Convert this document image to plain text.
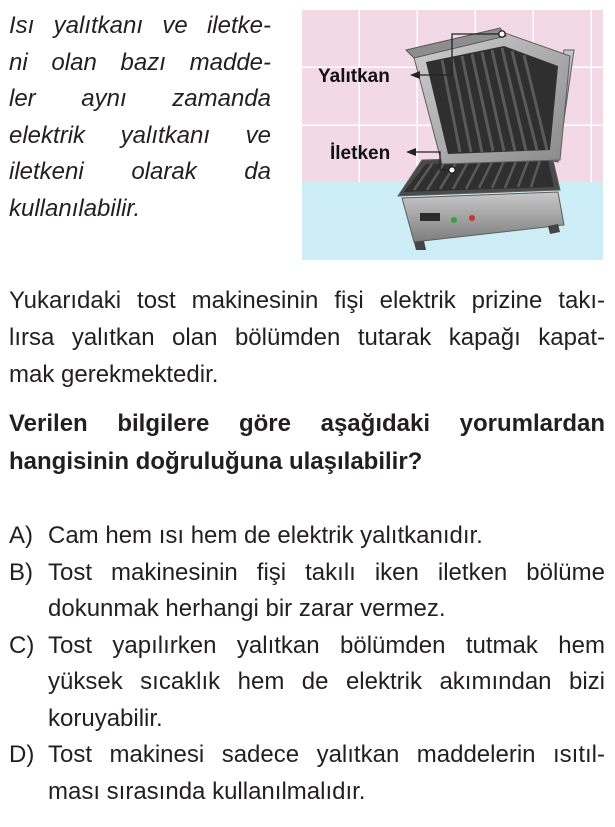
Isı yalıtkanı ve iletke-
ni olan bazı madde-
ler aynı zamanda
elektrik yalıtkanı ve
iletkeni olarak da
kullanılabilir.
Yalıtkan
İletken
Yukarıdaki tost makinesinin fişi elektrik prizine takı-
lırsa yalıtkan olan bölümden tutarak kapağı kapat-
mak gerekmektedir.
Verilen bilgilere göre aşağıdaki yorumlardan
hangisinin doğruluğuna ulaşılabilir?
A) Cam hem ısı hem de elektrik yalıtkanıdır.
B) Tost makinesinin fişi takılı iken iletken bölüme
dokunmak herhangi bir zarar vermez.
C) Tost yapılırken yalıtkan bölümden tutmak hem
yüksek sıcaklık hem de elektrik akımından bizi
koruyabilir.
D) Tost makinesi sadece yalıtkan maddelerin ısıtıl-
ması sırasında kullanılmalıdır.
